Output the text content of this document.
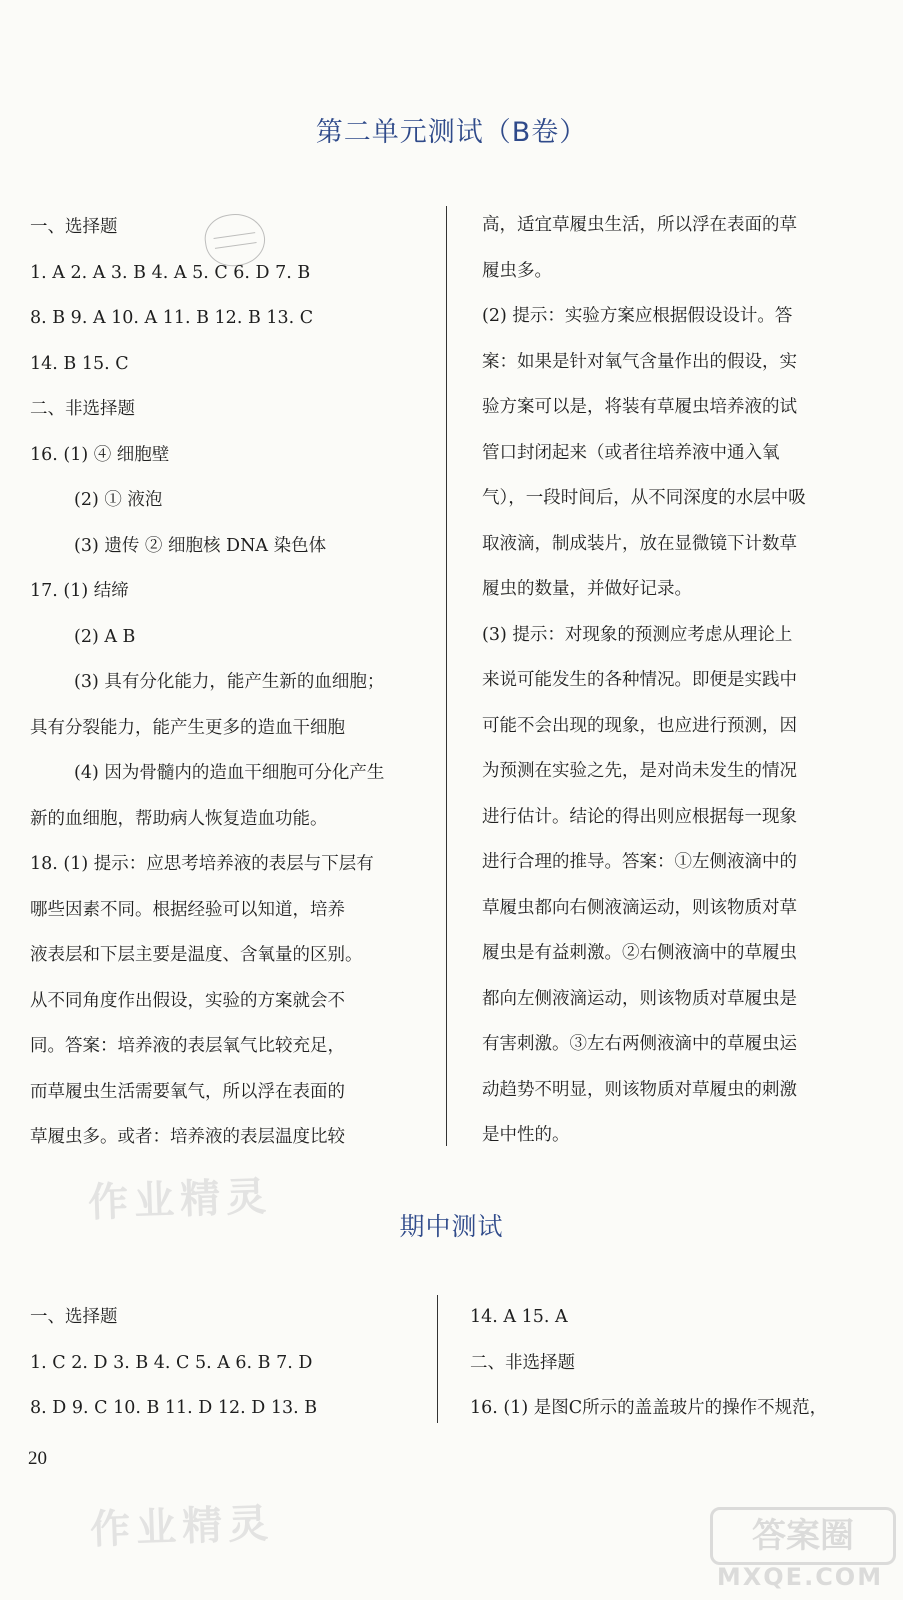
第二单元测试（B卷）
一、选择题
1. A 2. A 3. B 4. A 5. C 6. D 7. B
8. B 9. A 10. A 11. B 12. B 13. C
14. B 15. C
二、非选择题
16. (1) ④ 细胞壁
(2) ① 液泡
(3) 遗传 ② 细胞核 DNA 染色体
17. (1) 结缔
(2) A B
(3) 具有分化能力，能产生新的血细胞；
具有分裂能力，能产生更多的造血干细胞
(4) 因为骨髓内的造血干细胞可分化产生
新的血细胞，帮助病人恢复造血功能。
18. (1) 提示：应思考培养液的表层与下层有
哪些因素不同。根据经验可以知道，培养
液表层和下层主要是温度、含氧量的区别。
从不同角度作出假设，实验的方案就会不
同。答案：培养液的表层氧气比较充足，
而草履虫生活需要氧气，所以浮在表面的
草履虫多。或者：培养液的表层温度比较
高，适宜草履虫生活，所以浮在表面的草
履虫多。
(2) 提示：实验方案应根据假设设计。答
案：如果是针对氧气含量作出的假设，实
验方案可以是，将装有草履虫培养液的试
管口封闭起来（或者往培养液中通入氧
气），一段时间后，从不同深度的水层中吸
取液滴，制成装片，放在显微镜下计数草
履虫的数量，并做好记录。
(3) 提示：对现象的预测应考虑从理论上
来说可能发生的各种情况。即便是实践中
可能不会出现的现象，也应进行预测，因
为预测在实验之先，是对尚未发生的情况
进行估计。结论的得出则应根据每一现象
进行合理的推导。答案：①左侧液滴中的
草履虫都向右侧液滴运动，则该物质对草
履虫是有益刺激。②右侧液滴中的草履虫
都向左侧液滴运动，则该物质对草履虫是
有害刺激。③左右两侧液滴中的草履虫运
动趋势不明显，则该物质对草履虫的刺激
是中性的。
作业精灵
期中测试
一、选择题
1. C 2. D 3. B 4. C 5. A 6. B 7. D
8. D 9. C 10. B 11. D 12. D 13. B
14. A 15. A
二、非选择题
16. (1) 是图C所示的盖盖玻片的操作不规范，
20
作业精灵	答案圈
MXQE.COM
